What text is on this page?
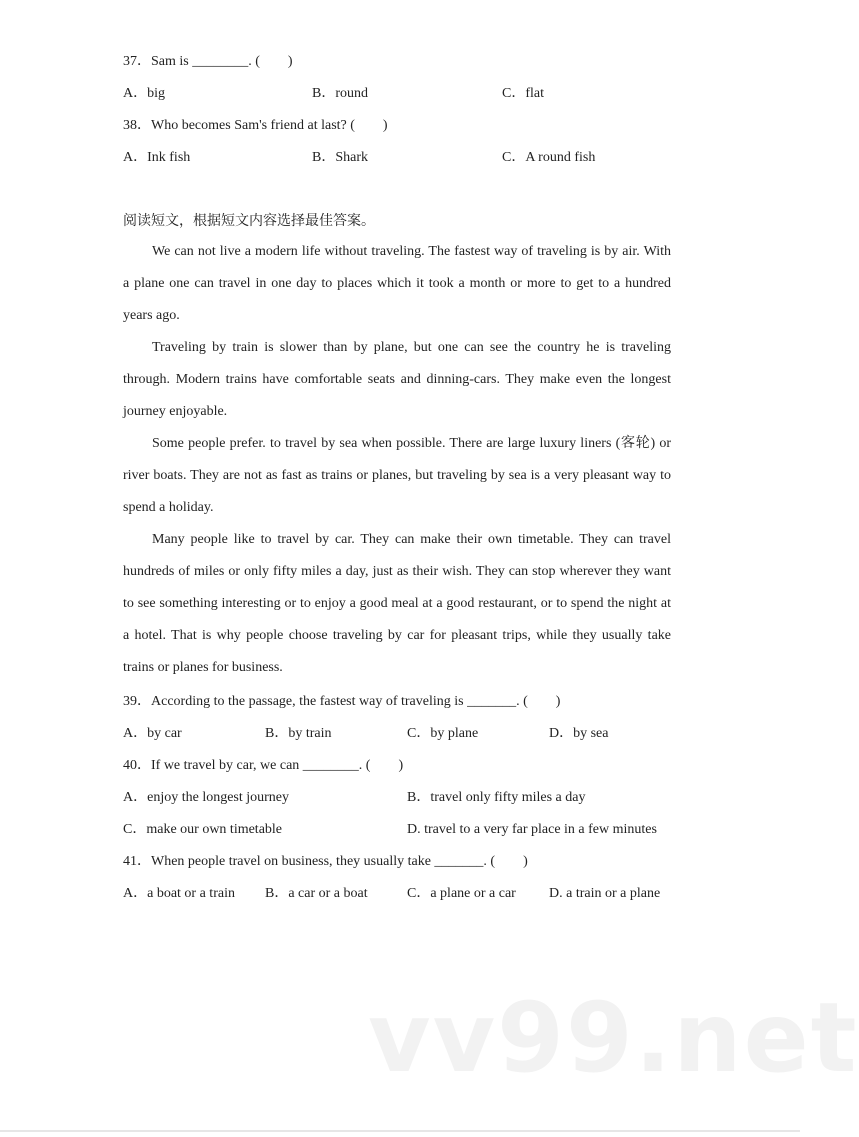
37．Sam is ________. (　　)
A．big	B．round	C．flat
38．Who becomes Sam's friend at last? (　　)
A．Ink fish	B．Shark	C．A round fish
阅读短文，根据短文内容选择最佳答案。
We can not live a modern life without traveling. The fastest way of traveling is by air. With a plane one can travel in one day to places which it took a month or more to get to a hundred years ago.
Traveling by train is slower than by plane, but one can see the country he is traveling through. Modern trains have comfortable seats and dinning-cars. They make even the longest journey enjoyable.
Some people prefer. to travel by sea when possible. There are large luxury liners (客轮) or river boats. They are not as fast as trains or planes, but traveling by sea is a very pleasant way to spend a holiday.
Many people like to travel by car. They can make their own timetable. They can travel hundreds of miles or only fifty miles a day, just as their wish. They can stop wherever they want to see something interesting or to enjoy a good meal at a good restaurant, or to spend the night at a hotel. That is why people choose traveling by car for pleasant trips, while they usually take trains or planes for business.
39．According to the passage, the fastest way of traveling is _______. (　　)
A．by car	B．by train	C．by plane	D．by sea
40．If we travel by car, we can ________. (　　)
A．enjoy the longest journey	B．travel only fifty miles a day
C．make our own timetable	D. travel to a very far place in a few minutes
41．When people travel on business, they usually take _______. (　　)
A．a boat or a train B．a car or a boat	C．a plane or a car D. a train or a plane
vv99.net
